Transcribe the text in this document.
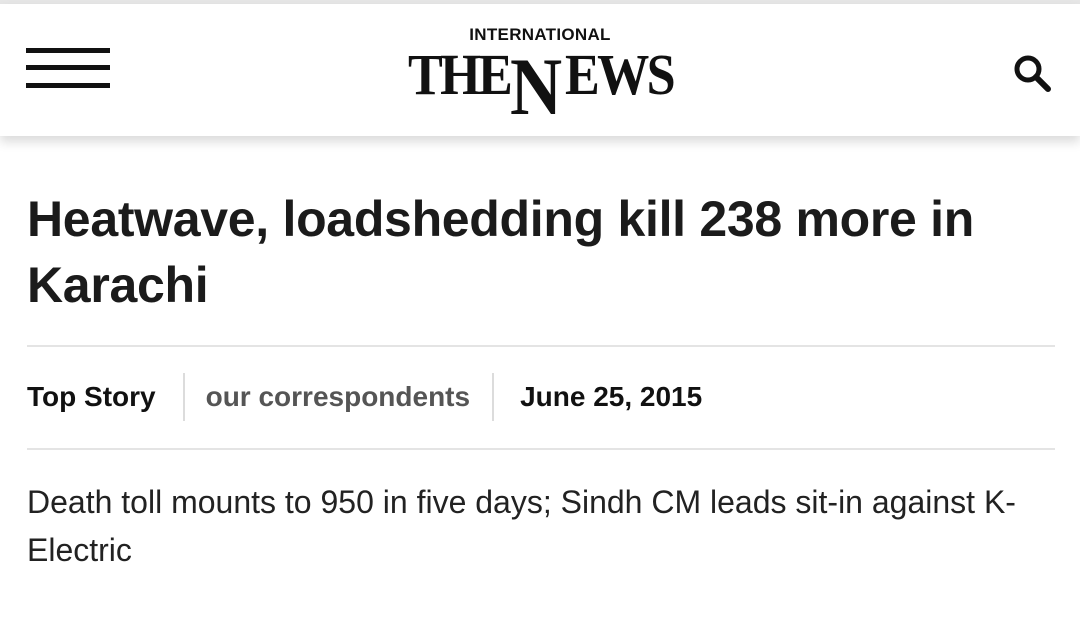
INTERNATIONAL
THE N EWS
Heatwave, loadshedding kill 238 more in Karachi
Top Story	our correspondents	June 25, 2015

Death toll mounts to 950 in five days; Sindh CM leads sit-in against K-Electric
